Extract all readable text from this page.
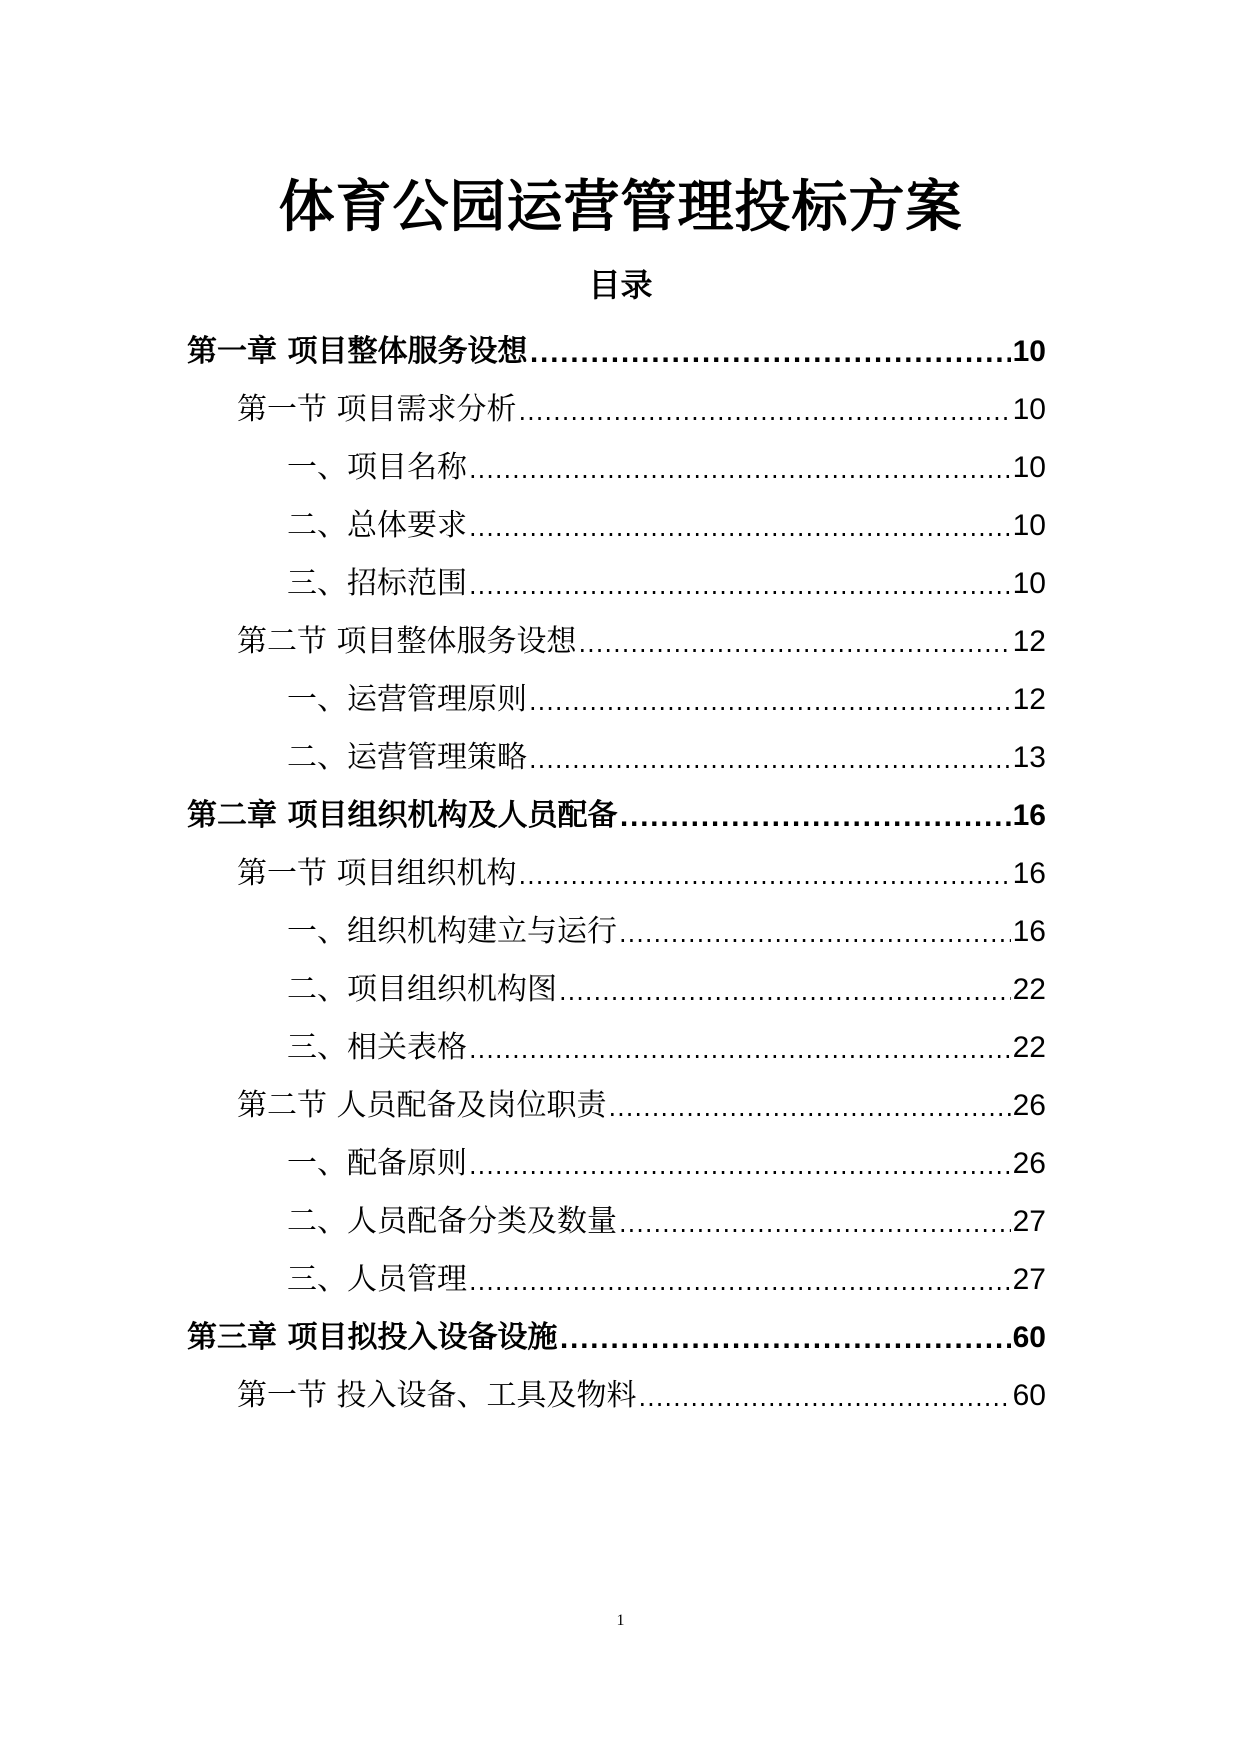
体育公园运营管理投标方案
目录
第一章 项目整体服务设想 .....	10
第一节 项目需求分析 .....	10
一、项目名称 .....	10
二、总体要求 .....	10
三、招标范围 .....	10
第二节 项目整体服务设想 .....	12
一、运营管理原则 .....	12
二、运营管理策略 .....	13
第二章 项目组织机构及人员配备 .....	16
第一节 项目组织机构 .....	16
一、组织机构建立与运行 .....	16
二、项目组织机构图 .....	22
三、相关表格 .....	22
第二节 人员配备及岗位职责 .....	26
一、配备原则 .....	26
二、人员配备分类及数量 .....	27
三、人员管理 .....	27
第三章 项目拟投入设备设施 .....	60
第一节 投入设备、工具及物料 .....	60
1
